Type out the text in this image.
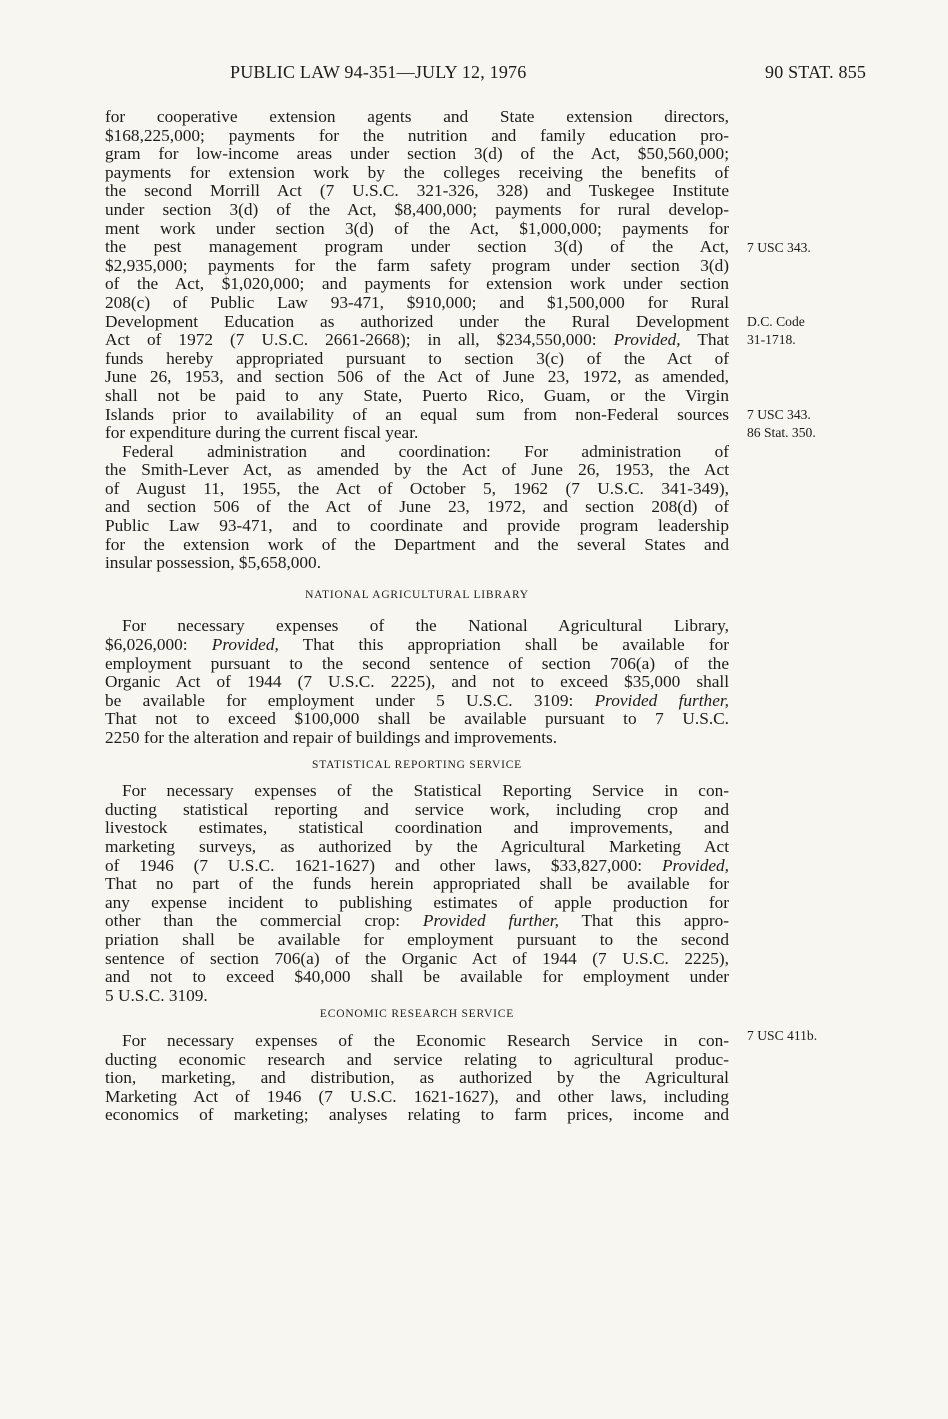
PUBLIC LAW 94-351—JULY 12, 1976	90 STAT. 855
for cooperative extension agents and State extension directors,
$168,225,000; payments for the nutrition and family education pro-
gram for low-income areas under section 3(d) of the Act, $50,560,000;
payments for extension work by the colleges receiving the benefits of
the second Morrill Act (7 U.S.C. 321-326, 328) and Tuskegee Institute
under section 3(d) of the Act, $8,400,000; payments for rural develop-
ment work under section 3(d) of the Act, $1,000,000; payments for
the pest management program under section 3(d) of the Act,
$2,935,000; payments for the farm safety program under section 3(d)
of the Act, $1,020,000; and payments for extension work under section
208(c) of Public Law 93-471, $910,000; and $1,500,000 for Rural
Development Education as authorized under the Rural Development
Act of 1972 (7 U.S.C. 2661-2668); in all, $234,550,000: Provided, That
funds hereby appropriated pursuant to section 3(c) of the Act of
June 26, 1953, and section 506 of the Act of June 23, 1972, as amended,
shall not be paid to any State, Puerto Rico, Guam, or the Virgin
Islands prior to availability of an equal sum from non-Federal sources
for expenditure during the current fiscal year.
Federal administration and coordination: For administration of
the Smith-Lever Act, as amended by the Act of June 26, 1953, the Act
of August 11, 1955, the Act of October 5, 1962 (7 U.S.C. 341-349),
and section 506 of the Act of June 23, 1972, and section 208(d) of
Public Law 93-471, and to coordinate and provide program leadership
for the extension work of the Department and the several States and
insular possession, $5,658,000.
NATIONAL AGRICULTURAL LIBRARY
For necessary expenses of the National Agricultural Library,
$6,026,000: Provided, That this appropriation shall be available for
employment pursuant to the second sentence of section 706(a) of the
Organic Act of 1944 (7 U.S.C. 2225), and not to exceed $35,000 shall
be available for employment under 5 U.S.C. 3109: Provided further,
That not to exceed $100,000 shall be available pursuant to 7 U.S.C.
2250 for the alteration and repair of buildings and improvements.
STATISTICAL REPORTING SERVICE
For necessary expenses of the Statistical Reporting Service in con-
ducting statistical reporting and service work, including crop and
livestock estimates, statistical coordination and improvements, and
marketing surveys, as authorized by the Agricultural Marketing Act
of 1946 (7 U.S.C. 1621-1627) and other laws, $33,827,000: Provided,
That no part of the funds herein appropriated shall be available for
any expense incident to publishing estimates of apple production for
other than the commercial crop: Provided further, That this appro-
priation shall be available for employment pursuant to the second
sentence of section 706(a) of the Organic Act of 1944 (7 U.S.C. 2225),
and not to exceed $40,000 shall be available for employment under
5 U.S.C. 3109.
ECONOMIC RESEARCH SERVICE
For necessary expenses of the Economic Research Service in con-
ducting economic research and service relating to agricultural produc-
tion, marketing, and distribution, as authorized by the Agricultural
Marketing Act of 1946 (7 U.S.C. 1621-1627), and other laws, including
economics of marketing; analyses relating to farm prices, income and
7 USC 343.
D.C. Code
31-1718.
7 USC 343.
86 Stat. 350.
7 USC 411b.
